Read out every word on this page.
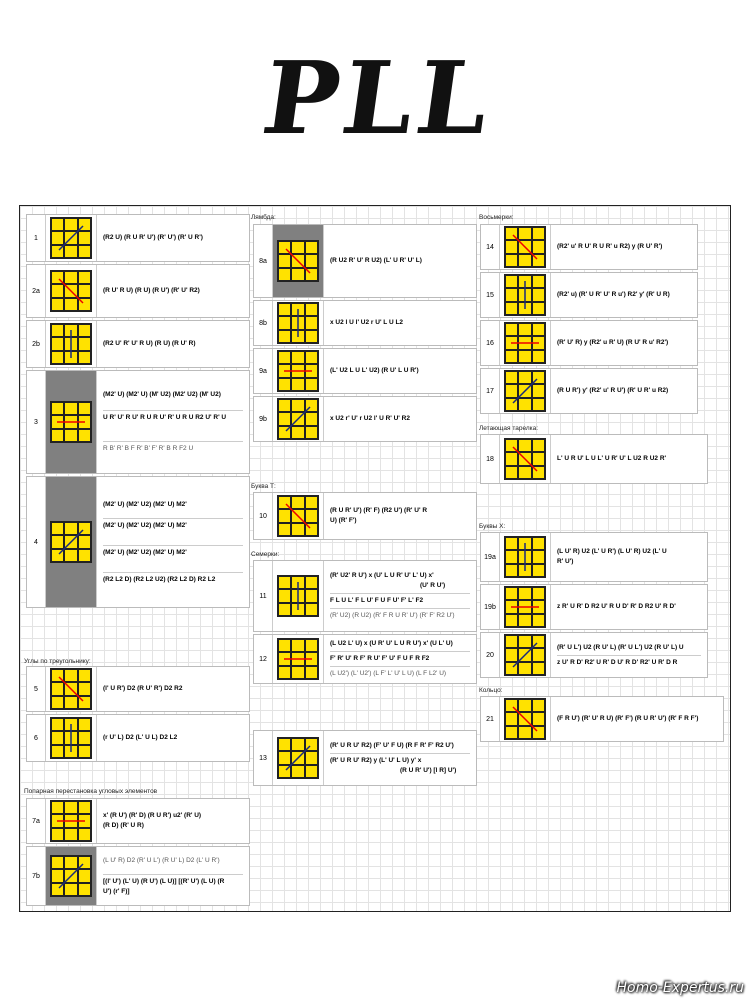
PLL
1	(R2 U) (R U R' U') (R' U') (R' U R')
2a	(R U' R U) (R U) (R U') (R' U' R2)
2b	(R2 U' R' U' R U) (R U) (R U' R)
3
(M2' U) (M2' U) (M' U2) (M2' U2) (M' U2)
U R' U' R U' R U R U' R' U R U R2 U' R' U
R B' R' B F R' B' F' R' B R F2 U
4
(M2' U) (M2' U2) (M2' U) M2'
(M2' U) (M2' U2) (M2' U) M2'
(M2' U) (M2' U2) (M2' U) M2'
(R2 L2 D) (R2 L2 U2) (R2 L2 D) R2 L2
Углы по треугольнику:
5	(l' U R') D2 (R U' R') D2 R2
6	(r U' L) D2 (L' U L) D2 L2
Попарная перестановка угловых элементов
7a
x' (R U') (R' D) (R U R') u2' (R' U)
(R D) (R' U R)
7b
(L U' R) D2 (R' U L') (R U' L) D2 (L' U R')
[(l' U') (L' U) (R U') (L U)] [(R' U') (L U) (R
U') (r' F)]
Лямбда:
8a	(R U2 R' U' R U2) (L' U R' U' L)
8b	x U2 l U l' U2 r U' L U L2
9a	(L' U2 L U L' U2) (R U' L U R')
9b	x U2 r' U' r U2 l' U R' U' R2
Буква Т:
10
(R U R' U') (R' F) (R2 U') (R' U' R
U) (R' F')
Семерки:
11
(R' U2' R U') x (U' L U R' U' L' U) x'
(U' R U')
F L U L' F L U' F U F U' F' L' F2
(R' U2) (R U2) (R' F R U R' U') (R' F' R2 U')
12
(L U2 L' U) x (U R' U' L U R U') x' (U L' U)
F' R' U' R F' R U' F' U' F U F R F2
(L U2') (L' U2') (L F' L' U' L U) (L F L2' U)
13
(R' U R U' R2) (F' U' F U) (R F R' F' R2 U')
(R' U R U' R2) y (L' U' L U) y' x
(R U R' U') [l R] U')
Восьмерки:
14	(R2' u' R U' R U R' u R2) y (R U' R')
15	(R2' u) (R' U R' U' R u') R2' y' (R' U R)
16	(R' U' R) y (R2' u R' U) (R U' R u' R2')
17	(R U R') y' (R2' u' R U') (R' U R' u R2)
Летающая тарелка:
18	L' U R U' L U L' U R' U' L U2 R U2 R'
Буквы Х:
19a
(L U' R) U2 (L' U R') (L U' R) U2 (L' U
R' U')
19b	z R' U R' D R2 U' R U D' R' D R2 U' R D'
20
(R' U L') U2 (R U' L) (R' U L') U2 (R U' L) U
z U' R D' R2' U R' D U' R D' R2' U R' D R
Кольцо:
21	(F R U') (R' U' R U) (R' F') (R U R' U') (R' F R F')
Homo-Expertus.ru
